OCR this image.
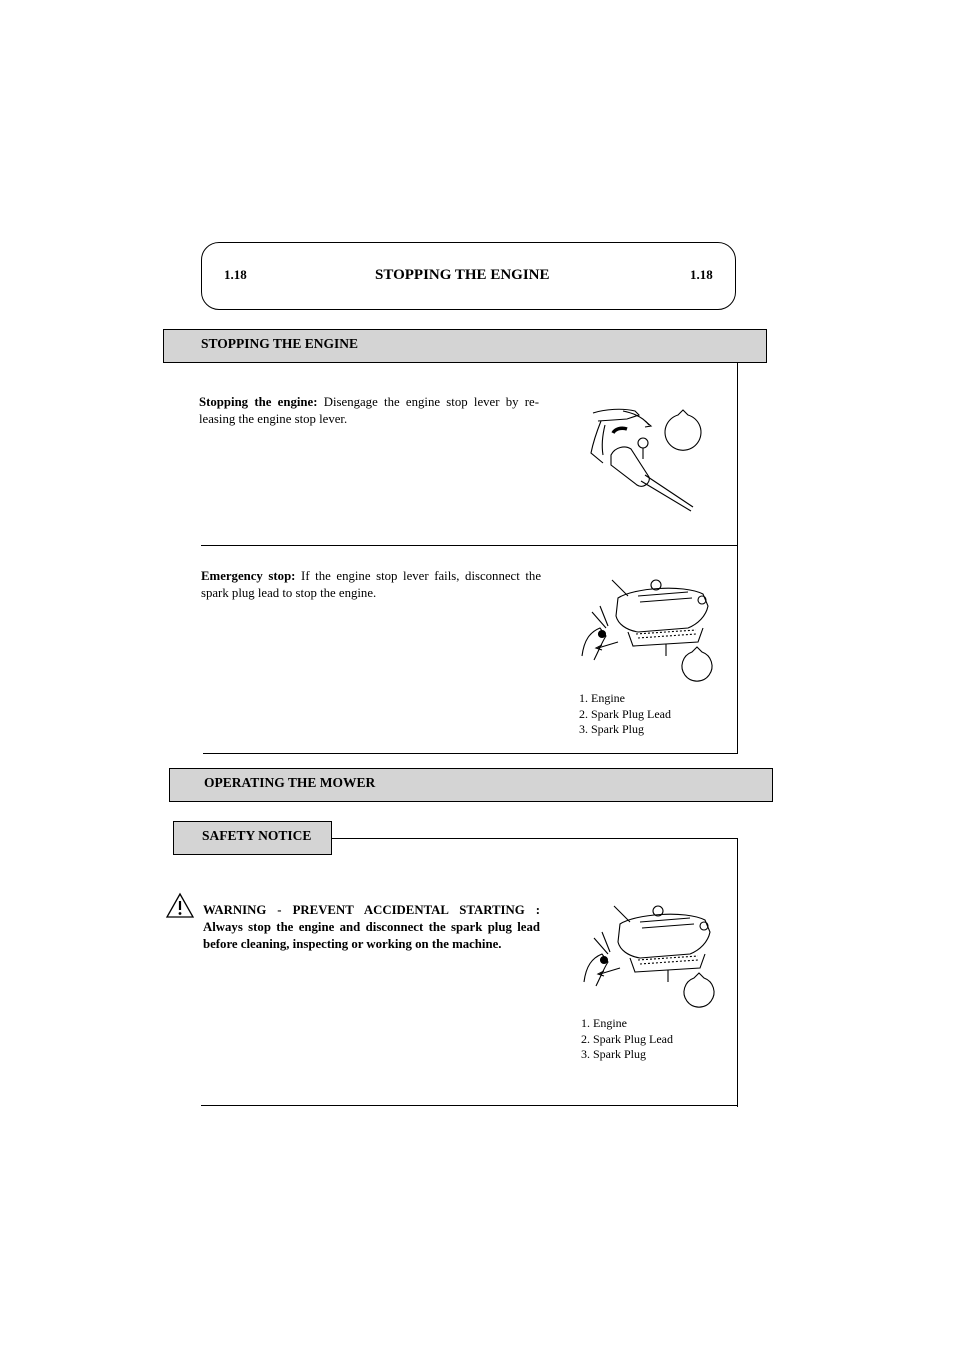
1.18	STOPPING THE ENGINE	1.18
STOPPING THE ENGINE
Stopping the engine: Disengage the engine stop lever by re-leasing the engine stop lever.
Emergency stop: If the engine stop lever fails, disconnect the spark plug lead to stop the engine.
1. Engine
2. Spark Plug Lead
3. Spark Plug
OPERATING THE MOWER
SAFETY NOTICE
WARNING - PREVENT ACCIDENTAL STARTING : Always stop the engine and disconnect the spark plug lead before cleaning, inspecting or working on the machine.
1. Engine
2. Spark Plug Lead
3. Spark Plug
